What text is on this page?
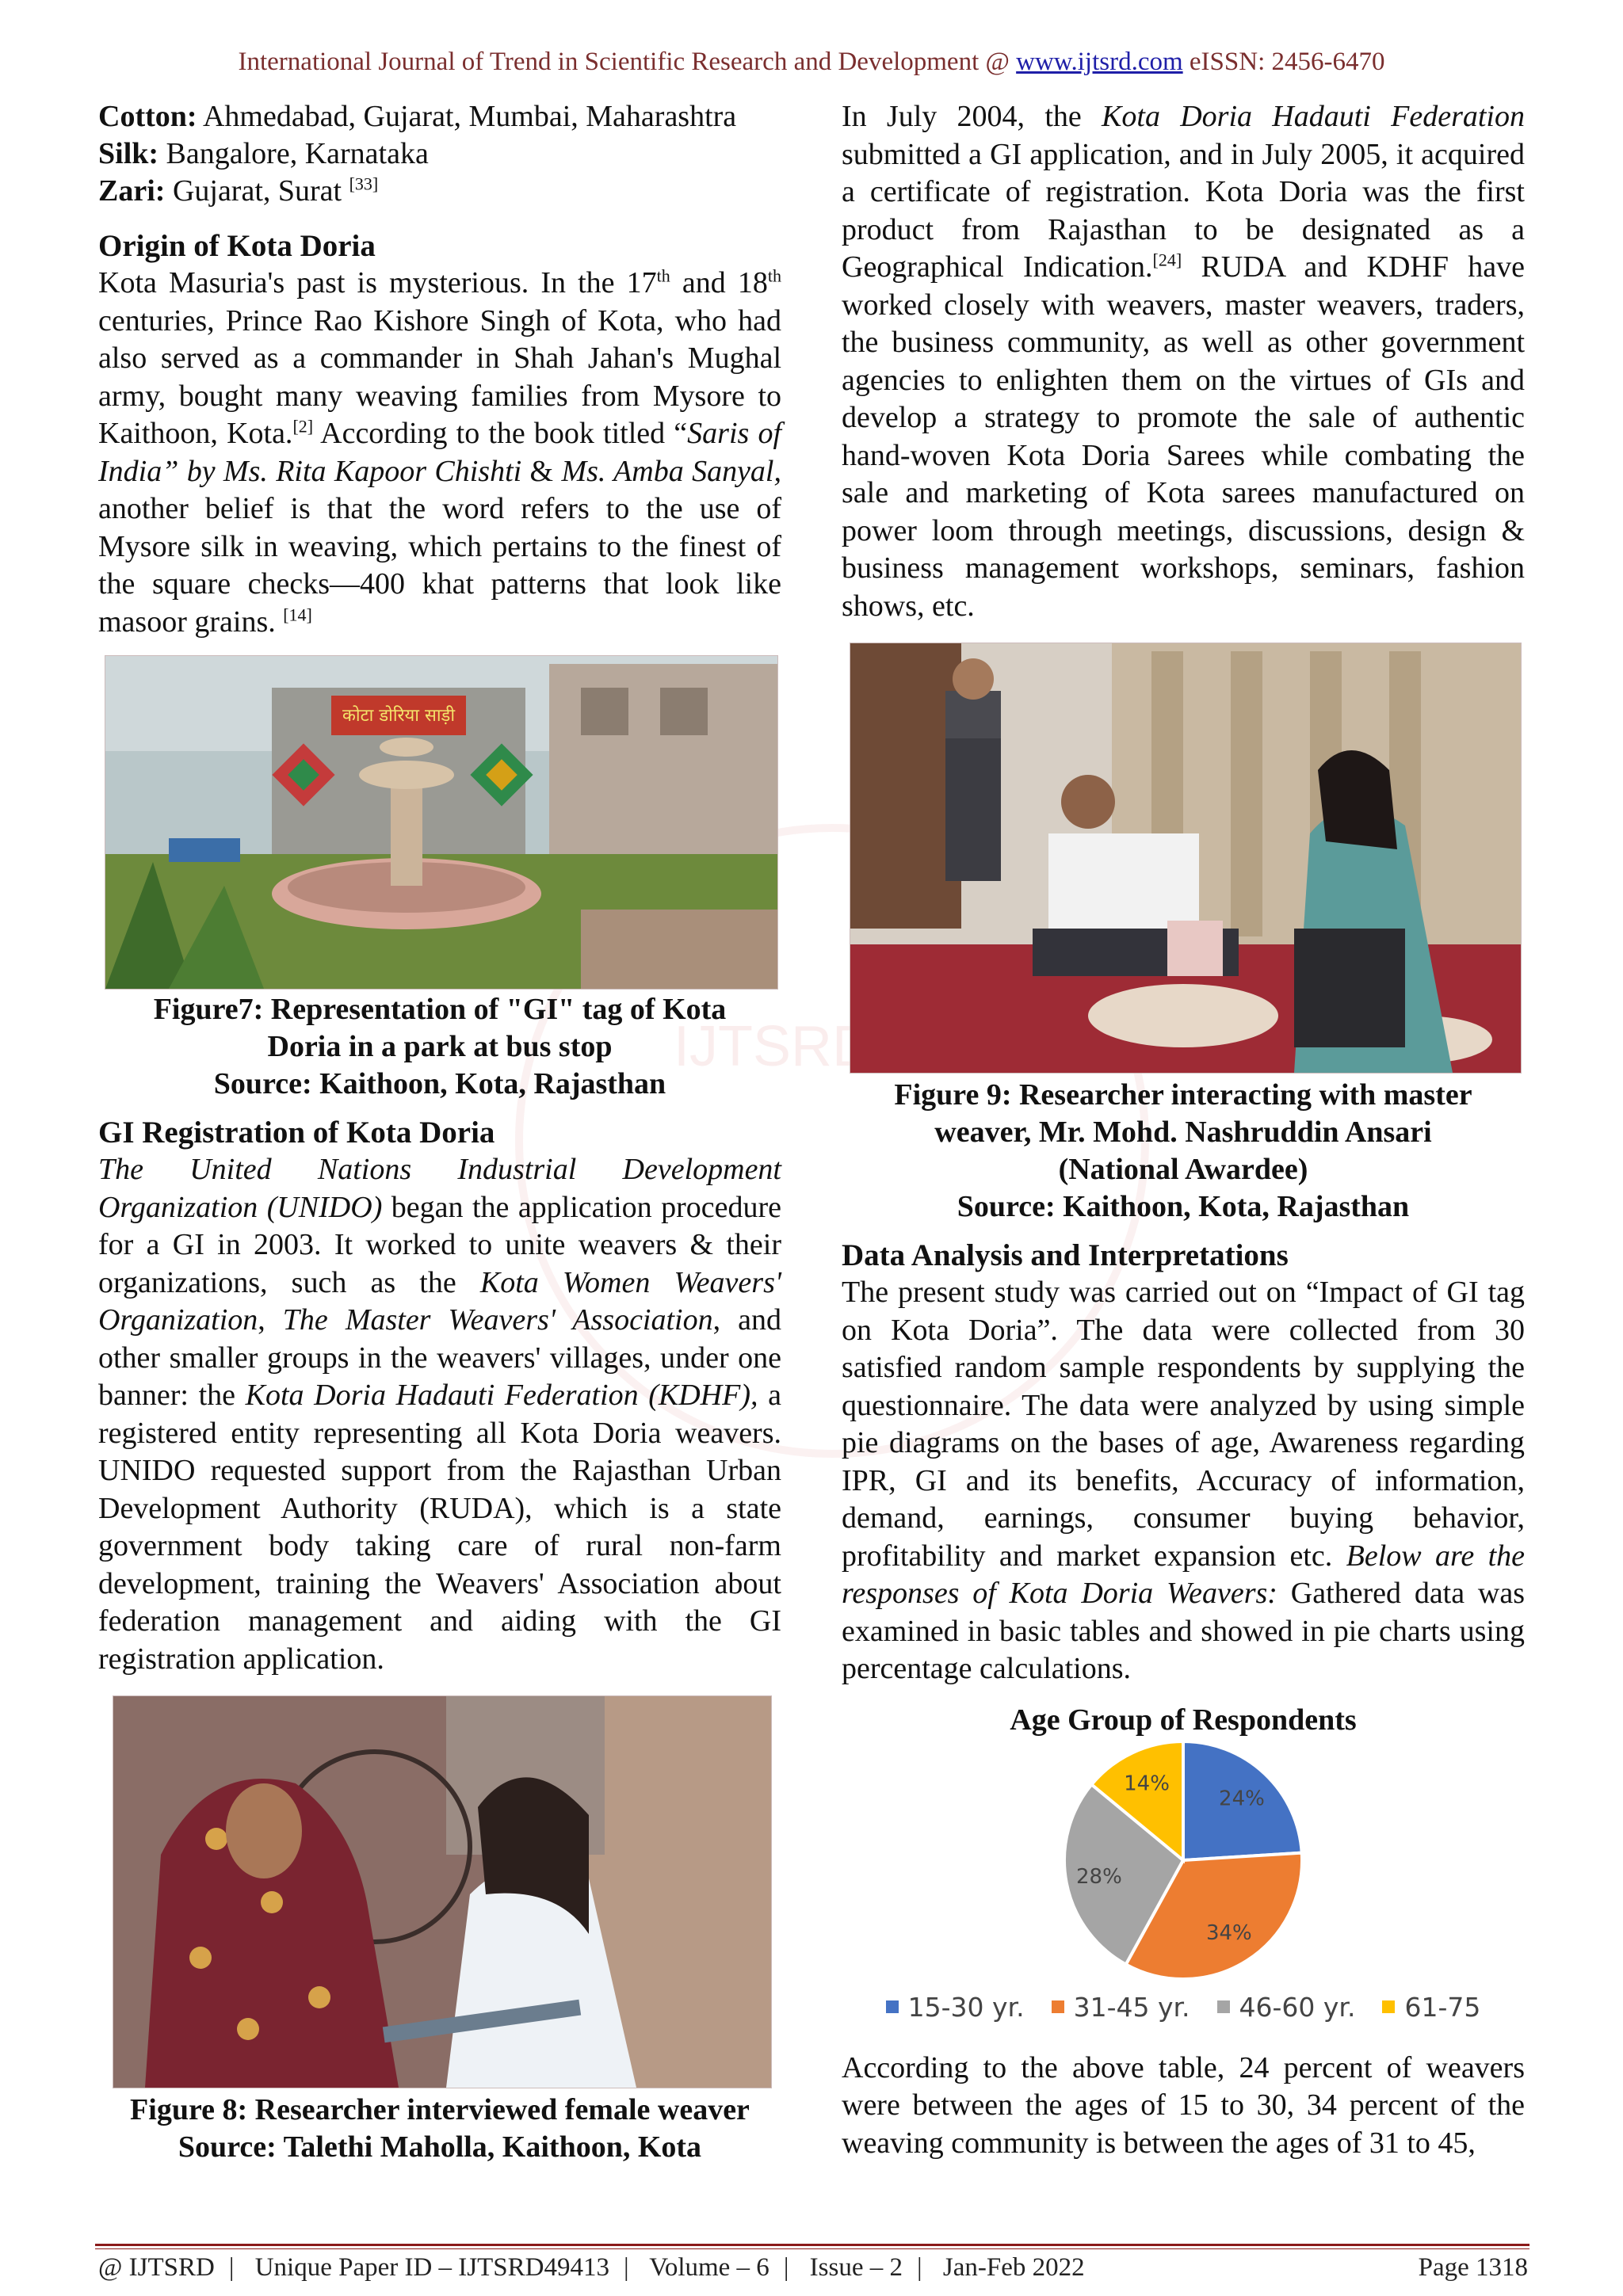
International Journal of Trend in Scientific Research and Development @ www.ijtsrd.com eISSN: 2456-6470
IJTSRD

Cotton: Ahmedabad, Gujarat, Mumbai, Maharashtra

Silk: Bangalore, Karnataka

Zari: Gujarat, Surat [33]

Origin of Kota Doria

Kota Masuria's past is mysterious. In the 17th and 18th centuries, Prince Rao Kishore Singh of Kota, who had also served as a commander in Shah Jahan's Mughal army, bought many weaving families from Mysore to Kaithoon, Kota.[2] According to the book titled “Saris of India” by Ms. Rita Kapoor Chishti & Ms. Amba Sanyal, another belief is that the word refers to the use of Mysore silk in weaving, which pertains to the finest of the square checks—400 khat patterns that look like masoor grains. [14]

कोटा डोरिया साड़ी

Figure7: Representation of "GI" tag of Kota
Doria in a park at bus stop
Source: Kaithoon, Kota, Rajasthan

GI Registration of Kota Doria

The United Nations Industrial Development Organization (UNIDO) began the application procedure for a GI in 2003. It worked to unite weavers & their organizations, such as the Kota Women Weavers' Organization, The Master Weavers' Association, and other smaller groups in the weavers' villages, under one banner: the Kota Doria Hadauti Federation (KDHF), a registered entity representing all Kota Doria weavers. UNIDO requested support from the Rajasthan Urban Development Authority (RUDA), which is a state government body taking care of rural non-farm development, training the Weavers' Association about federation management and aiding with the GI registration application.

Figure 8: Researcher interviewed female weaver
Source: Talethi Maholla, Kaithoon, Kota

In July 2004, the Kota Doria Hadauti Federation submitted a GI application, and in July 2005, it acquired a certificate of registration. Kota Doria was the first product from Rajasthan to be designated as a Geographical Indication.[24] RUDA and KDHF have worked closely with weavers, master weavers, traders, the business community, as well as other government agencies to enlighten them on the virtues of GIs and develop a strategy to promote the sale of authentic hand-woven Kota Doria Sarees while combating the sale and marketing of Kota sarees manufactured on power loom through meetings, discussions, design & business management workshops, seminars, fashion shows, etc.

Figure 9: Researcher interacting with master
weaver, Mr. Mohd. Nashruddin Ansari
(National Awardee)
Source: Kaithoon, Kota, Rajasthan

Data Analysis and Interpretations

The present study was carried out on “Impact of GI tag on Kota Doria”. The data were collected from 30 satisfied random sample respondents by supplying the questionnaire. The data were analyzed by using simple pie diagrams on the bases of age, Awareness regarding IPR, GI and its benefits, Accuracy of information, demand, earnings, consumer buying behavior, profitability and market expansion etc. Below are the responses of Kota Doria Weavers: Gathered data was examined in basic tables and showed in pie charts using percentage calculations.

Age Group of Respondents
24%
34%
28%
14%
15-30 yr. 31-45 yr. 46-60 yr. 61-75

According to the above table, 24 percent of weavers were between the ages of 15 to 30, 34 percent of the weaving community is between the ages of 31 to 45,

@ IJTSRD | Unique Paper ID – IJTSRD49413 | Volume – 6 | Issue – 2 | Jan-Feb 2022	Page 1318
